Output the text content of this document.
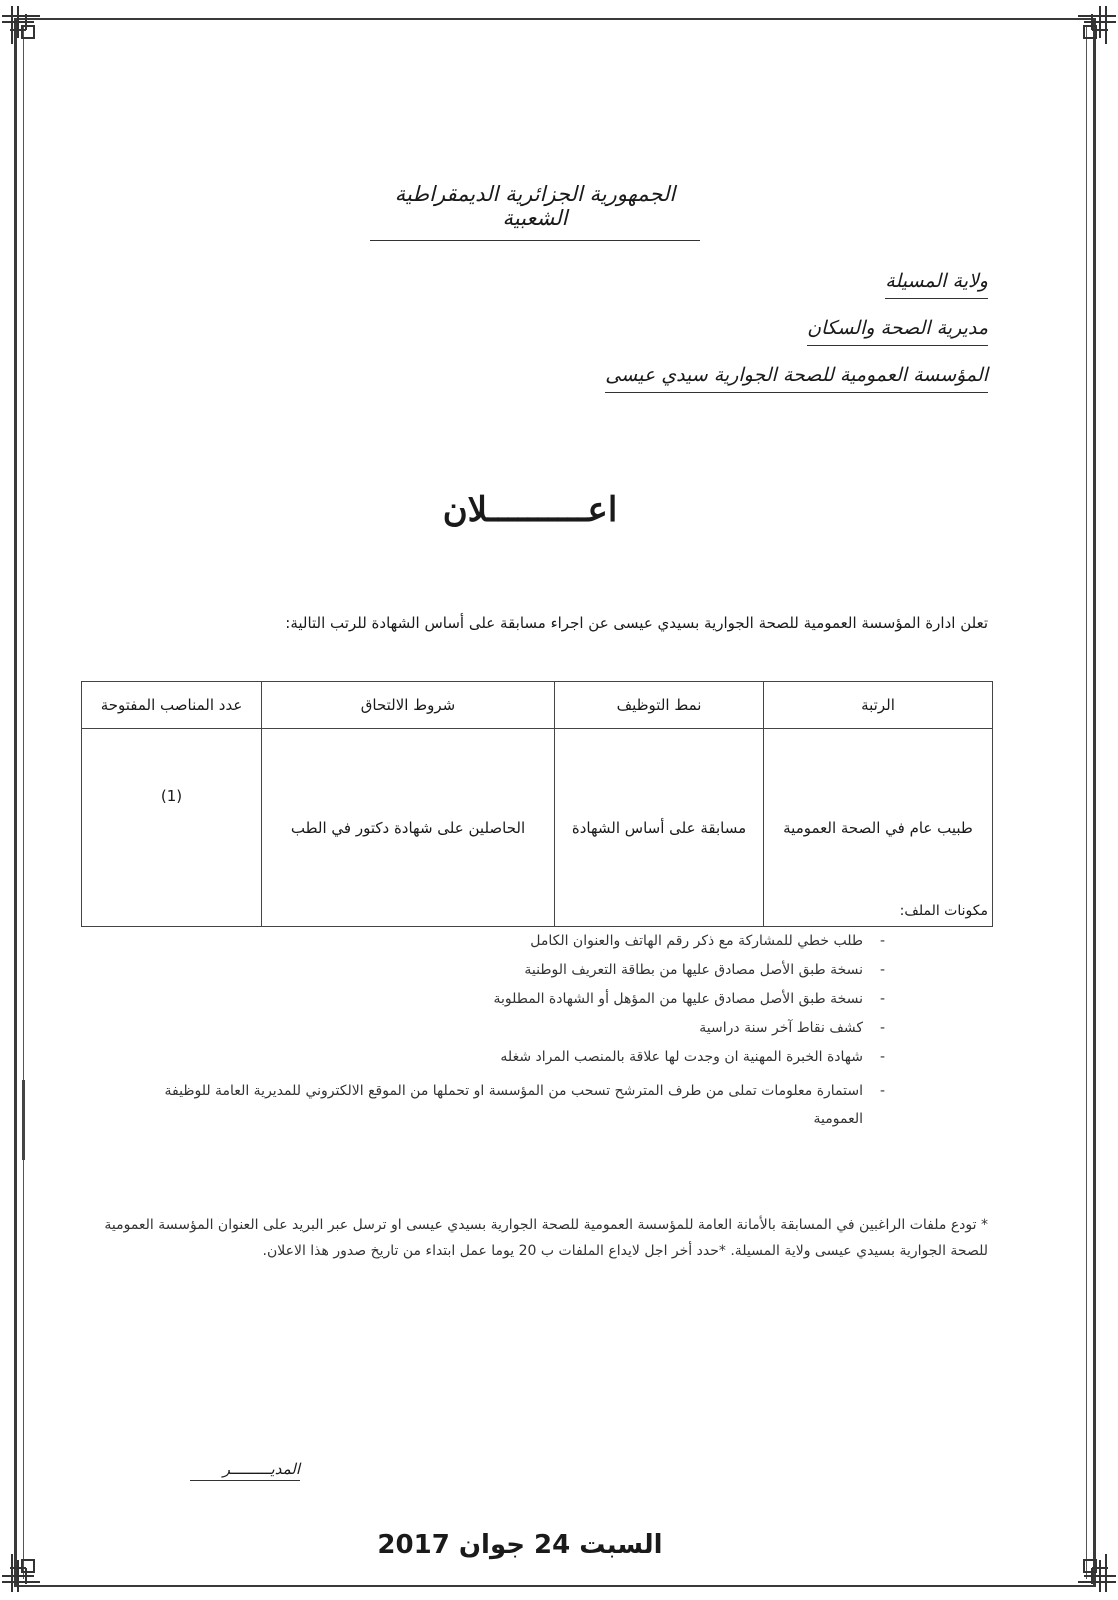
الجمهورية الجزائرية الديمقراطية الشعبية
ولاية المسيلة
مديرية الصحة والسكان
المؤسسة العمومية للصحة الجوارية سيدي عيسى
اعــــــــــلان
تعلن ادارة المؤسسة العمومية للصحة الجوارية بسيدي عيسى عن اجراء مسابقة على أساس الشهادة للرتب التالية:
الرتبة	نمط التوظيف	شروط الالتحاق	عدد المناصب المفتوحة
طبيب عام في الصحة العمومية	مسابقة على أساس الشهادة	الحاصلين على شهادة دكتور في الطب	(1)
مكونات الملف:
-
طلب خطي للمشاركة مع ذكر رقم الهاتف والعنوان الكامل
-
نسخة طبق الأصل مصادق عليها من بطاقة التعريف الوطنية
-
نسخة طبق الأصل مصادق عليها من المؤهل أو الشهادة المطلوبة
-
كشف نقاط آخر سنة دراسية
-
شهادة الخبرة المهنية ان وجدت لها علاقة بالمنصب المراد شغله
-
استمارة معلومات تملى من طرف المترشح تسحب من المؤسسة او تحملها من الموقع الالكتروني للمديرية العامة للوظيفة العمومية
* تودع ملفات الراغبين في المسابقة بالأمانة العامة للمؤسسة العمومية للصحة الجوارية بسيدي عيسى او ترسل عبر البريد على العنوان المؤسسة العمومية للصحة الجوارية بسيدي عيسى ولاية المسيلة. *حدد أخر اجل لايداع الملفات ب 20 يوما عمل ابتداء من تاريخ صدور هذا الاعلان.
المديـــــــــر
السبت 24 جوان 2017
